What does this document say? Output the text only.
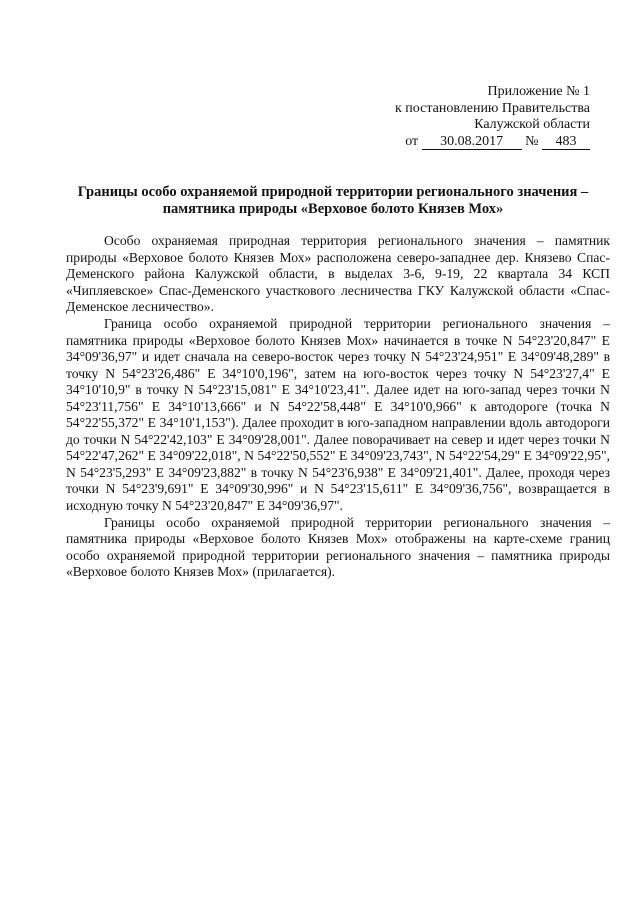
Приложение № 1
к постановлению Правительства
Калужской области
от 30.08.2017 № 483
Границы особо охраняемой природной территории регионального значения –
памятника природы «Верховое болото Князев Мох»

Особо охраняемая природная территория регионального значения – памятник природы «Верховое болото Князев Мох» расположена северо-западнее дер. Князево Спас-Деменского района Калужской области, в выделах 3-6, 9-19, 22 квартала 34 КСП «Чипляевское» Спас-Деменского участкового лесничества ГКУ Калужской области «Спас-Деменское лесничество».

Граница особо охраняемой природной территории регионального значения – памятника природы «Верховое болото Князев Мох» начинается в точке N 54°23'20,847" E 34°09'36,97" и идет сначала на северо-восток через точку N 54°23'24,951" E 34°09'48,289" в точку N 54°23'26,486" E 34°10'0,196", затем на юго-восток через точку N 54°23'27,4" E 34°10'10,9" в точку N 54°23'15,081" E 34°10'23,41". Далее идет на юго-запад через точки N 54°23'11,756" E 34°10'13,666" и N 54°22'58,448" E 34°10'0,966" к автодороге (точка N 54°22'55,372" E 34°10'1,153"). Далее проходит в юго-западном направлении вдоль автодороги до точки N 54°22'42,103" E 34°09'28,001". Далее поворачивает на север и идет через точки N 54°22'47,262" E 34°09'22,018", N 54°22'50,552" E 34°09'23,743", N 54°22'54,29" E 34°09'22,95", N 54°23'5,293" E 34°09'23,882" в точку N 54°23'6,938" E 34°09'21,401". Далее, проходя через точки N 54°23'9,691" E 34°09'30,996" и N 54°23'15,611" E 34°09'36,756", возвращается в исходную точку N 54°23'20,847" E 34°09'36,97".

Границы особо охраняемой природной территории регионального значения – памятника природы «Верховое болото Князев Мох» отображены на карте-схеме границ особо охраняемой природной территории регионального значения – памятника природы «Верховое болото Князев Мох» (прилагается).
